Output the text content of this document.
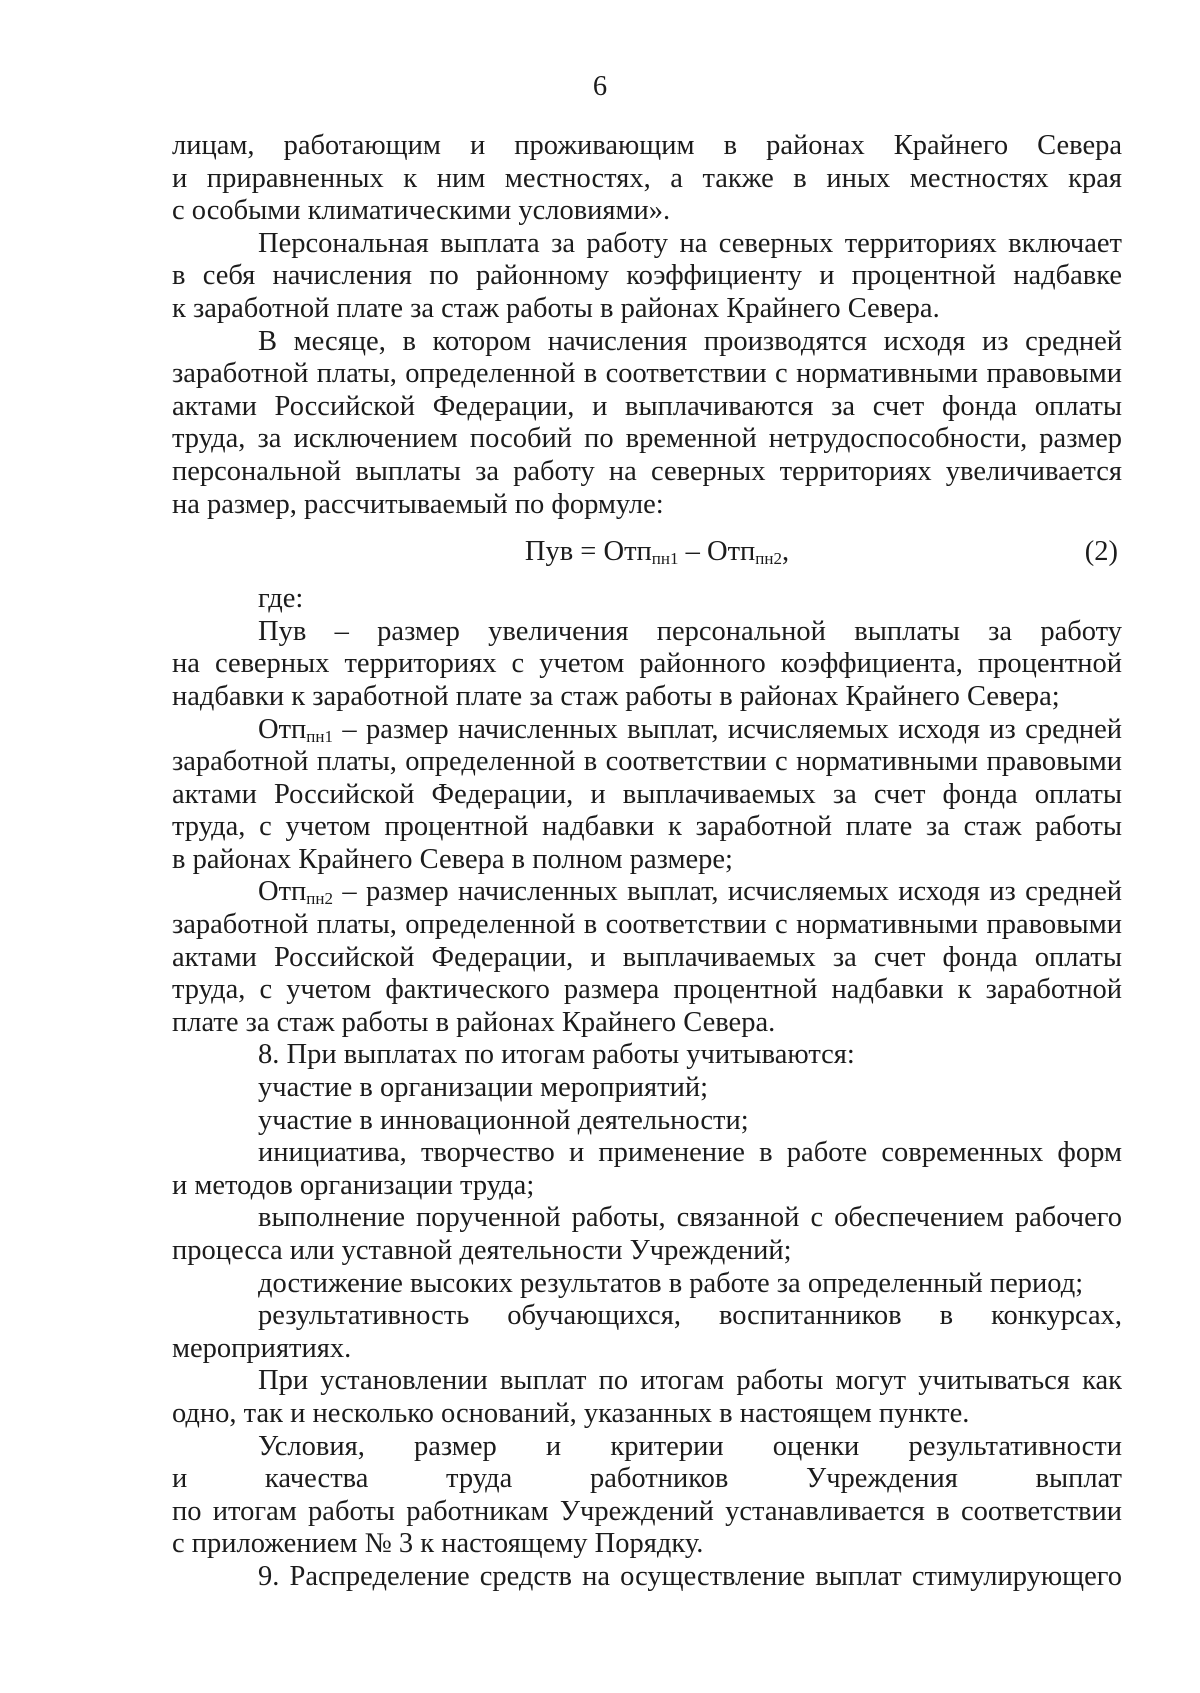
6
лицам, работающим и проживающим в районах Крайнего Севера
и приравненных к ним местностях, а также в иных местностях края
с особыми климатическими условиями».
Персональная выплата за работу на северных территориях включает
в себя начисления по районному коэффициенту и процентной надбавке
к заработной плате за стаж работы в районах Крайнего Севера.
В месяце, в котором начисления производятся исходя из средней
заработной платы, определенной в соответствии с нормативными правовыми
актами Российской Федерации, и выплачиваются за счет фонда оплаты
труда, за исключением пособий по временной нетрудоспособности, размер
персональной выплаты за работу на северных территориях увеличивается
на размер, рассчитываемый по формуле:
Пув = Отп$_{пн1}$ – Отп$_{пн2}$,	(2)
где:
Пув – размер увеличения персональной выплаты за работу
на северных территориях с учетом районного коэффициента, процентной
надбавки к заработной плате за стаж работы в районах Крайнего Севера;
Отп$_{пн1}$ – размер начисленных выплат, исчисляемых исходя из средней
заработной платы, определенной в соответствии с нормативными правовыми
актами Российской Федерации, и выплачиваемых за счет фонда оплаты
труда, с учетом процентной надбавки к заработной плате за стаж работы
в районах Крайнего Севера в полном размере;
Отп$_{пн2}$ – размер начисленных выплат, исчисляемых исходя из средней
заработной платы, определенной в соответствии с нормативными правовыми
актами Российской Федерации, и выплачиваемых за счет фонда оплаты
труда, с учетом фактического размера процентной надбавки к заработной
плате за стаж работы в районах Крайнего Севера.
8. При выплатах по итогам работы учитываются:
участие в организации мероприятий;
участие в инновационной деятельности;
инициатива, творчество и применение в работе современных форм
и методов организации труда;
выполнение порученной работы, связанной с обеспечением рабочего
процесса или уставной деятельности Учреждений;
достижение высоких результатов в работе за определенный период;
результативность обучающихся, воспитанников в конкурсах,
мероприятиях.
При установлении выплат по итогам работы могут учитываться как
одно, так и несколько оснований, указанных в настоящем пункте.
Условия, размер и критерии оценки результативности
и качества труда работников Учреждения выплат
по итогам работы работникам Учреждений устанавливается в соответствии
с приложением № 3 к настоящему Порядку.
9. Распределение средств на осуществление выплат стимулирующего
